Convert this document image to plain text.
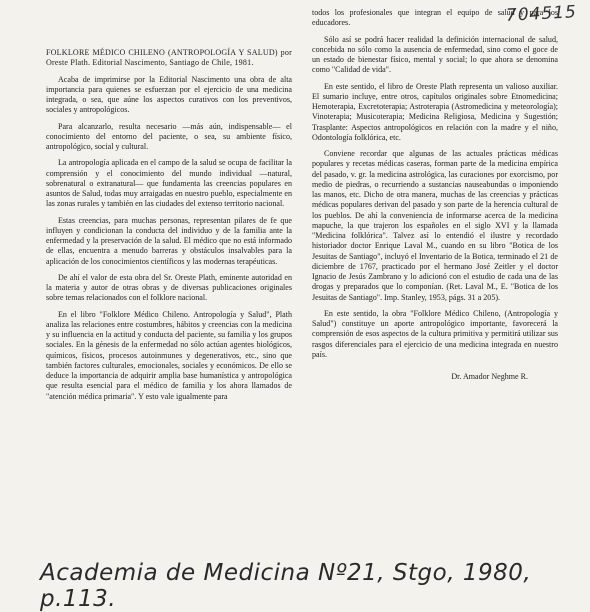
704515

FOLKLORE MÉDICO CHILENO (ANTROPOLOGÍA Y SALUD) por Oreste Plath. Editorial Nascimento, Santiago de Chile, 1981.

Acaba de imprimirse por la Editorial Nascimento una obra de alta importancia para quienes se esfuerzan por el ejercicio de una medicina integrada, o sea, que aúne los aspectos curativos con los preventivos, sociales y antropológicos.

Para alcanzarlo, resulta necesario —más aún, indispensable— el conocimiento del entorno del paciente, o sea, su ambiente físico, antropológico, social y cultural.

La antropología aplicada en el campo de la salud se ocupa de facilitar la comprensión y el conocimiento del mundo individual —natural, sobrenatural o extranatural— que fundamenta las creencias populares en asuntos de Salud, todas muy arraigadas en nuestro pueblo, especialmente en las zonas rurales y también en las ciudades del extenso territorio nacional.

Estas creencias, para muchas personas, representan pilares de fe que influyen y condicionan la conducta del individuo y de la familia ante la enfermedad y la preservación de la salud. El médico que no está informado de ellas, encuentra a menudo barreras y obstáculos insalvables para la aplicación de los conocimientos científicos y las modernas terapéuticas.

De ahí el valor de esta obra del Sr. Oreste Plath, eminente autoridad en la materia y autor de otras obras y de diversas publicaciones originales sobre temas relacionados con el folklore nacional.

En el libro "Folklore Médico Chileno. Antropología y Salud", Plath analiza las relaciones entre costumbres, hábitos y creencias con la medicina y su influencia en la actitud y conducta del paciente, su familia y los grupos sociales. En la génesis de la enfermedad no sólo actúan agentes biológicos, químicos, físicos, procesos autoinmunes y degenerativos, etc., sino que también factores culturales, emocionales, sociales y económicos. De ello se deduce la importancia de adquirir amplia base humanística y antropológica que resulta esencial para el médico de familia y los ahora llamados de "atención médica primaria". Y esto vale igualmente para

todos los profesionales que integran el equipo de salud y para los educadores.

Sólo así se podrá hacer realidad la definición internacional de salud, concebida no sólo como la ausencia de enfermedad, sino como el goce de un estado de bienestar físico, mental y social; lo que ahora se denomina como "Calidad de vida".

En este sentido, el libro de Oreste Plath representa un valioso auxiliar. El sumario incluye, entre otros, capítulos originales sobre Etnomedicina; Hemoterapia, Excretoterapia; Astroterapia (Astromedicina y meteorología); Vinoterapia; Musicoterapia; Medicina Religiosa, Medicina y Sugestión; Trasplante: Aspectos antropológicos en relación con la madre y el niño, Odontología folklórica, etc.

Conviene recordar que algunas de las actuales prácticas médicas populares y recetas médicas caseras, forman parte de la medicina empírica del pasado, v. gr. la medicina astrológica, las curaciones por exorcismo, por medio de piedras, o recurriendo a sustancias nauseabundas o imponiendo las manos, etc. Dicho de otra manera, muchas de las creencias y prácticas médicas populares derivan del pasado y son parte de la herencia cultural de los pueblos. De ahí la conveniencia de informarse acerca de la medicina mapuche, la que trajeron los españoles en el siglo XVI y la llamada "Medicina folklórica". Talvez así lo entendió el ilustre y recordado historiador doctor Enrique Laval M., cuando en su libro "Botica de los Jesuitas de Santiago", incluyó el Inventario de la Botica, terminado el 21 de diciembre de 1767, practicado por el hermano José Zeitler y el doctor Ignacio de Jesús Zambrano y lo adicionó con el estudio de cada una de las drogas y preparados que lo componían. (Ret. Laval M., E. "Botica de los Jesuitas de Santiago". Imp. Stanley, 1953, págs. 31 a 205).

En este sentido, la obra "Folklore Médico Chileno, (Antropología y Salud") constituye un aporte antropológico importante, favorecerá la comprensión de esos aspectos de la cultura primitiva y permitirá utilizar sus rasgos diferenciales para el ejercicio de una medicina integrada en nuestro país.

Dr. Amador Neghme R.

Academia de Medicina Nº21, Stgo, 1980, p.113.
